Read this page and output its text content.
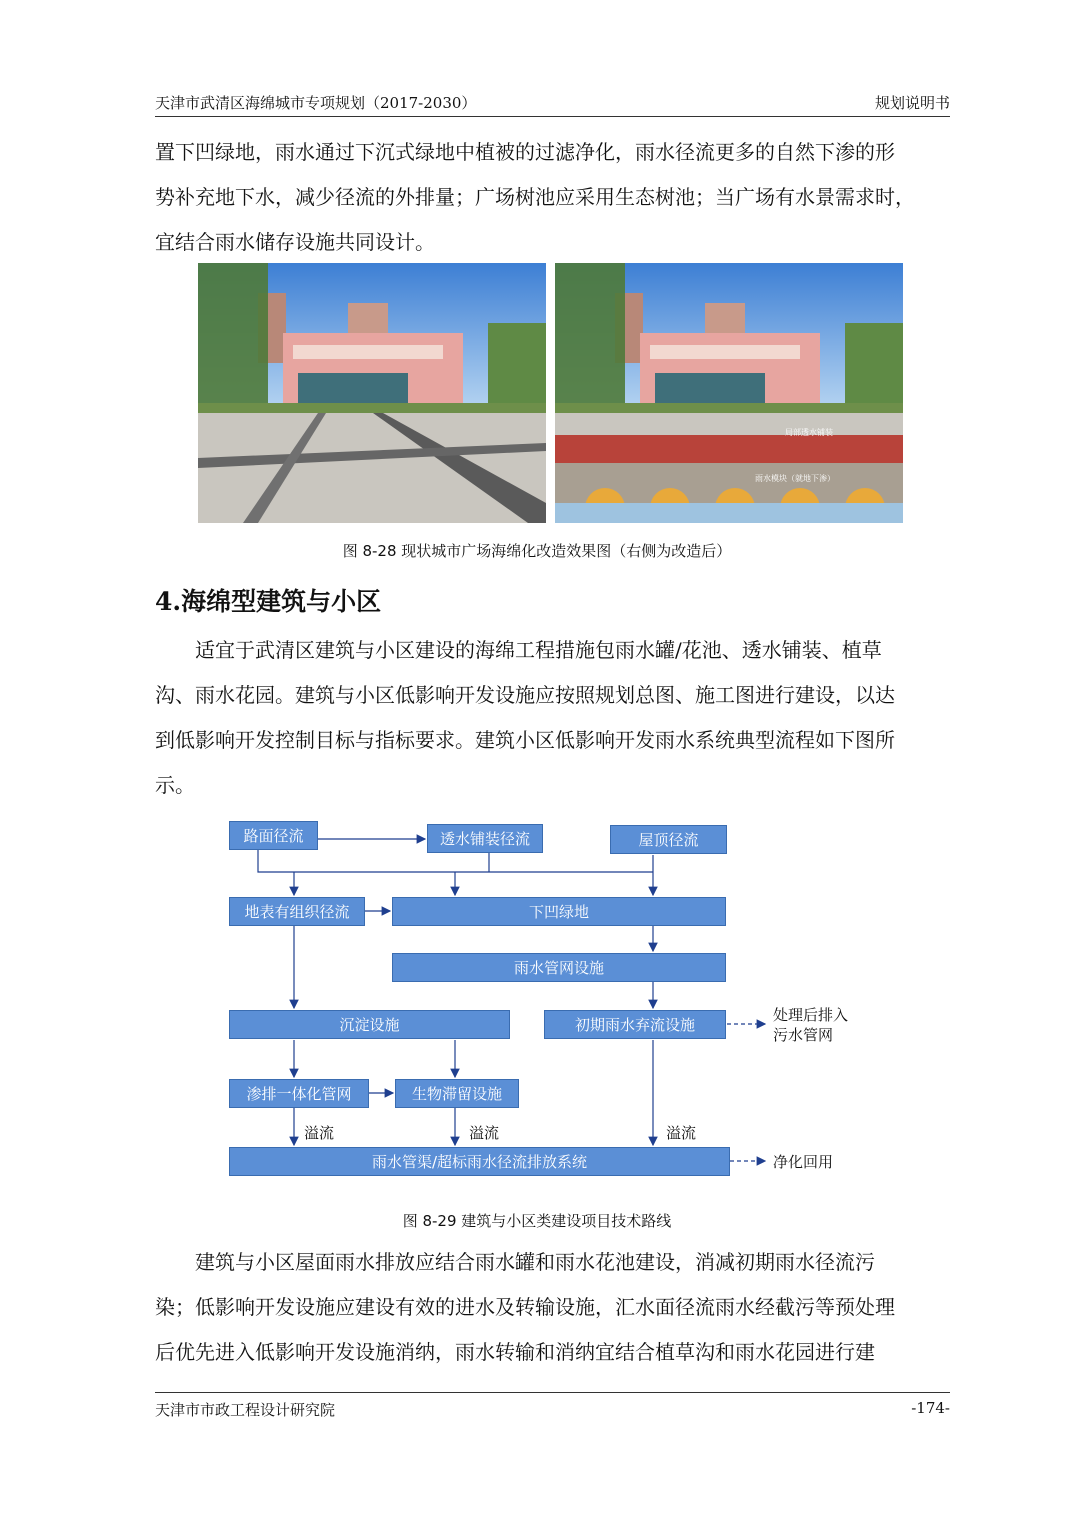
天津市武清区海绵城市专项规划（2017-2030）	规划说明书

置下凹绿地，雨水通过下沉式绿地中植被的过滤净化，雨水径流更多的自然下渗的形
势补充地下水，减少径流的外排量；广场树池应采用生态树池；当广场有水景需求时，
宜结合雨水储存设施共同设计。

局部透水铺装
雨水模块（就地下渗）
图 8-28 现状城市广场海绵化改造效果图（右侧为改造后）
4.海绵型建筑与小区

适宜于武清区建筑与小区建设的海绵工程措施包雨水罐/花池、透水铺装、植草
沟、雨水花园。建筑与小区低影响开发设施应按照规划总图、施工图进行建设，以达
到低影响开发控制目标与指标要求。建筑小区低影响开发雨水系统典型流程如下图所
示。

路面径流	透水铺装径流	屋顶径流
地表有组织径流	下凹绿地
雨水管网设施
沉淀设施	初期雨水弃流设施
渗排一体化管网	生物滞留设施
雨水管渠/超标雨水径流排放系统
溢流	溢流	溢流
处理后排入
污水管网
净化回用
图 8-29 建筑与小区类建设项目技术路线

建筑与小区屋面雨水排放应结合雨水罐和雨水花池建设，消减初期雨水径流污
染；低影响开发设施应建设有效的进水及转输设施，汇水面径流雨水经截污等预处理
后优先进入低影响开发设施消纳，雨水转输和消纳宜结合植草沟和雨水花园进行建

天津市市政工程设计研究院	-174-
